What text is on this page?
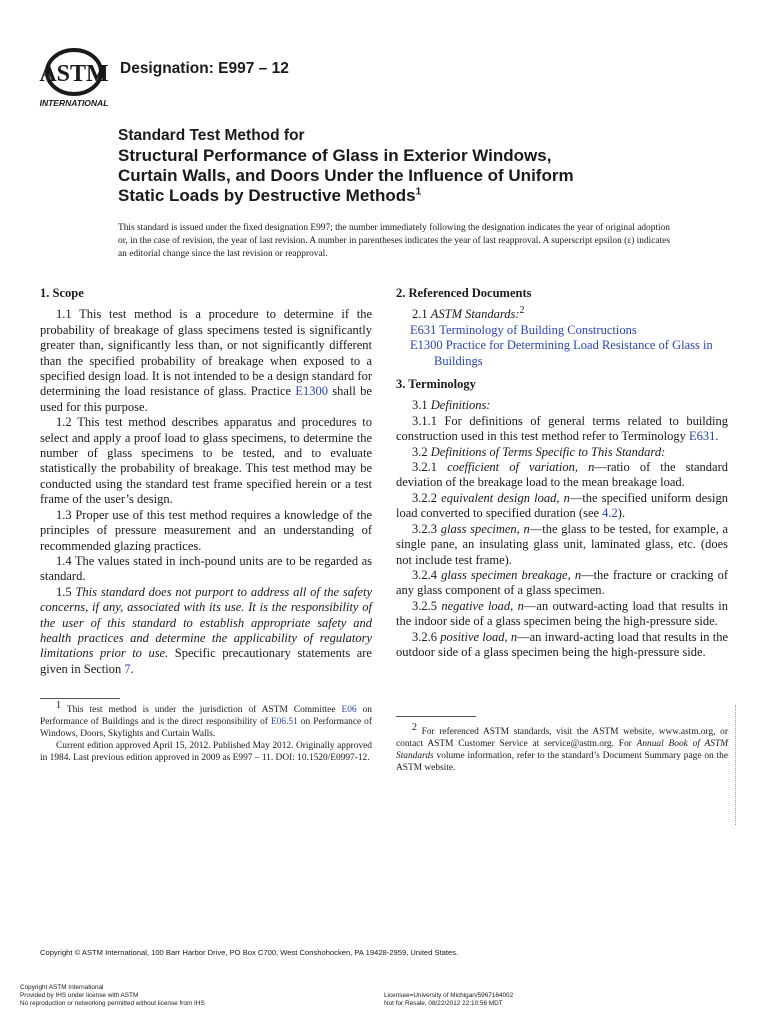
ASTM
INTERNATIONAL
Designation: E997 – 12
Standard Test Method for
Structural Performance of Glass in Exterior Windows,
Curtain Walls, and Doors Under the Influence of Uniform
Static Loads by Destructive Methods$^1$
This standard is issued under the fixed designation E997; the number immediately following the designation indicates the year of original adoption or, in the case of revision, the year of last revision. A number in parentheses indicates the year of last reapproval. A superscript epsilon (ε) indicates an editorial change since the last revision or reapproval.
1. Scope
1.1 This test method is a procedure to determine if the probability of breakage of glass specimens tested is significantly greater than, significantly less than, or not significantly different than the specified probability of breakage when exposed to a specified design load. It is not intended to be a design standard for determining the load resistance of glass. Practice E1300 shall be used for this purpose.
1.2 This test method describes apparatus and procedures to select and apply a proof load to glass specimens, to determine the number of glass specimens to be tested, and to evaluate statistically the probability of breakage. This test method may be conducted using the standard test frame specified herein or a test frame of the user’s design.
1.3 Proper use of this test method requires a knowledge of the principles of pressure measurement and an understanding of recommended glazing practices.
1.4 The values stated in inch-pound units are to be regarded as standard.
1.5 This standard does not purport to address all of the safety concerns, if any, associated with its use. It is the responsibility of the user of this standard to establish appropriate safety and health practices and determine the applicability of regulatory limitations prior to use. Specific precautionary statements are given in Section 7.
2. Referenced Documents
2.1 ASTM Standards:$^2$
E631 Terminology of Building Constructions
E1300 Practice for Determining Load Resistance of Glass in Buildings
3. Terminology
3.1 Definitions:
3.1.1 For definitions of general terms related to building construction used in this test method refer to Terminology E631.
3.2 Definitions of Terms Specific to This Standard:
3.2.1 coefficient of variation, n—ratio of the standard deviation of the breakage load to the mean breakage load.
3.2.2 equivalent design load, n—the specified uniform design load converted to specified duration (see 4.2).
3.2.3 glass specimen, n—the glass to be tested, for example, a single pane, an insulating glass unit, laminated glass, etc. (does not include test frame).
3.2.4 glass specimen breakage, n—the fracture or cracking of any glass component of a glass specimen.
3.2.5 negative load, n—an outward-acting load that results in the indoor side of a glass specimen being the high-pressure side.
3.2.6 positive load, n—an inward-acting load that results in the outdoor side of a glass specimen being the high-pressure side.
1 This test method is under the jurisdiction of ASTM Committee E06 on Performance of Buildings and is the direct responsibility of E06.51 on Performance of Windows, Doors, Skylights and Curtain Walls.
Current edition approved April 15, 2012. Published May 2012. Originally approved in 1984. Last previous edition approved in 2009 as E997 – 11. DOI: 10.1520/E0997-12.
2 For referenced ASTM standards, visit the ASTM website, www.astm.org, or contact ASTM Customer Service at service@astm.org. For Annual Book of ASTM Standards volume information, refer to the standard’s Document Summary page on the ASTM website.
Copyright © ASTM International, 100 Barr Harbor Drive, PO Box C700, West Conshohocken, PA 19428-2959, United States.
Copyright ASTM International
Provided by IHS under license with ASTM
No reproduction or networking permitted without license from IHS
Licensee=University of Michigan/5967164002
Not for Resale, 08/22/2012 22:10:56 MDT
